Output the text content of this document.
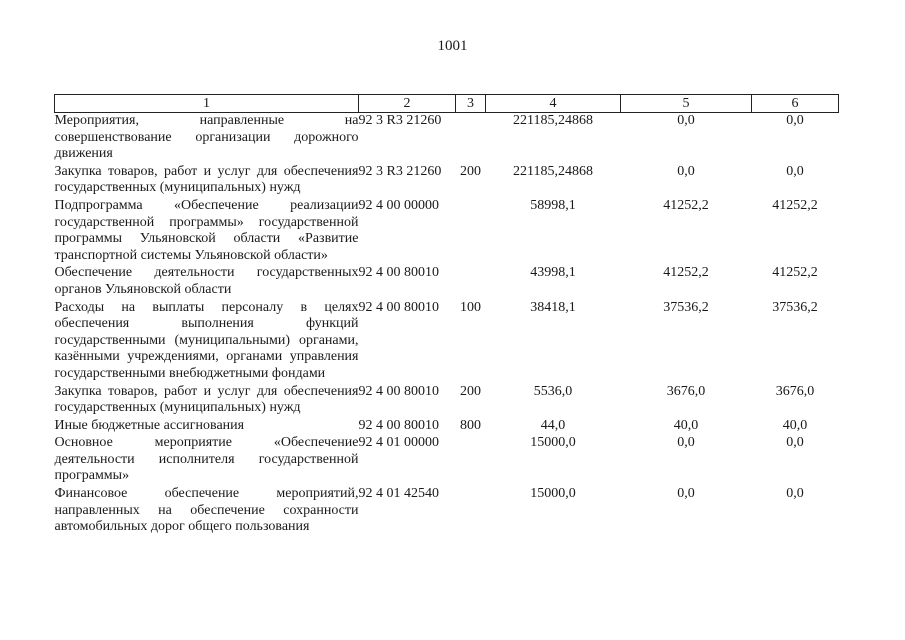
1001
1	2	3	4	5	6
Мероприятия, направленные на совершенствование организации дорожного движения	92 3 R3 21260		221185,24868	0,0	0,0
Закупка товаров, работ и услуг для обеспечения государственных (муниципальных) нужд	92 3 R3 21260	200	221185,24868	0,0	0,0
Подпрограмма «Обеспечение реализации государственной программы» государственной программы Ульяновской области «Развитие транспортной системы Ульяновской области»	92 4 00 00000		58998,1	41252,2	41252,2
Обеспечение деятельности государственных органов Ульяновской области	92 4 00 80010		43998,1	41252,2	41252,2
Расходы на выплаты персоналу в целях обеспечения выполнения функций государственными (муниципальными) органами, казёнными учреждениями, органами управления государственными внебюджетными фондами	92 4 00 80010	100	38418,1	37536,2	37536,2
Закупка товаров, работ и услуг для обеспечения государственных (муниципальных) нужд	92 4 00 80010	200	5536,0	3676,0	3676,0
Иные бюджетные ассигнования	92 4 00 80010	800	44,0	40,0	40,0
Основное мероприятие «Обеспечение деятельности исполнителя государственной программы»	92 4 01 00000		15000,0	0,0	0,0
Финансовое обеспечение мероприятий, направленных на обеспечение сохранности автомобильных дорог общего пользования	92 4 01 42540		15000,0	0,0	0,0
